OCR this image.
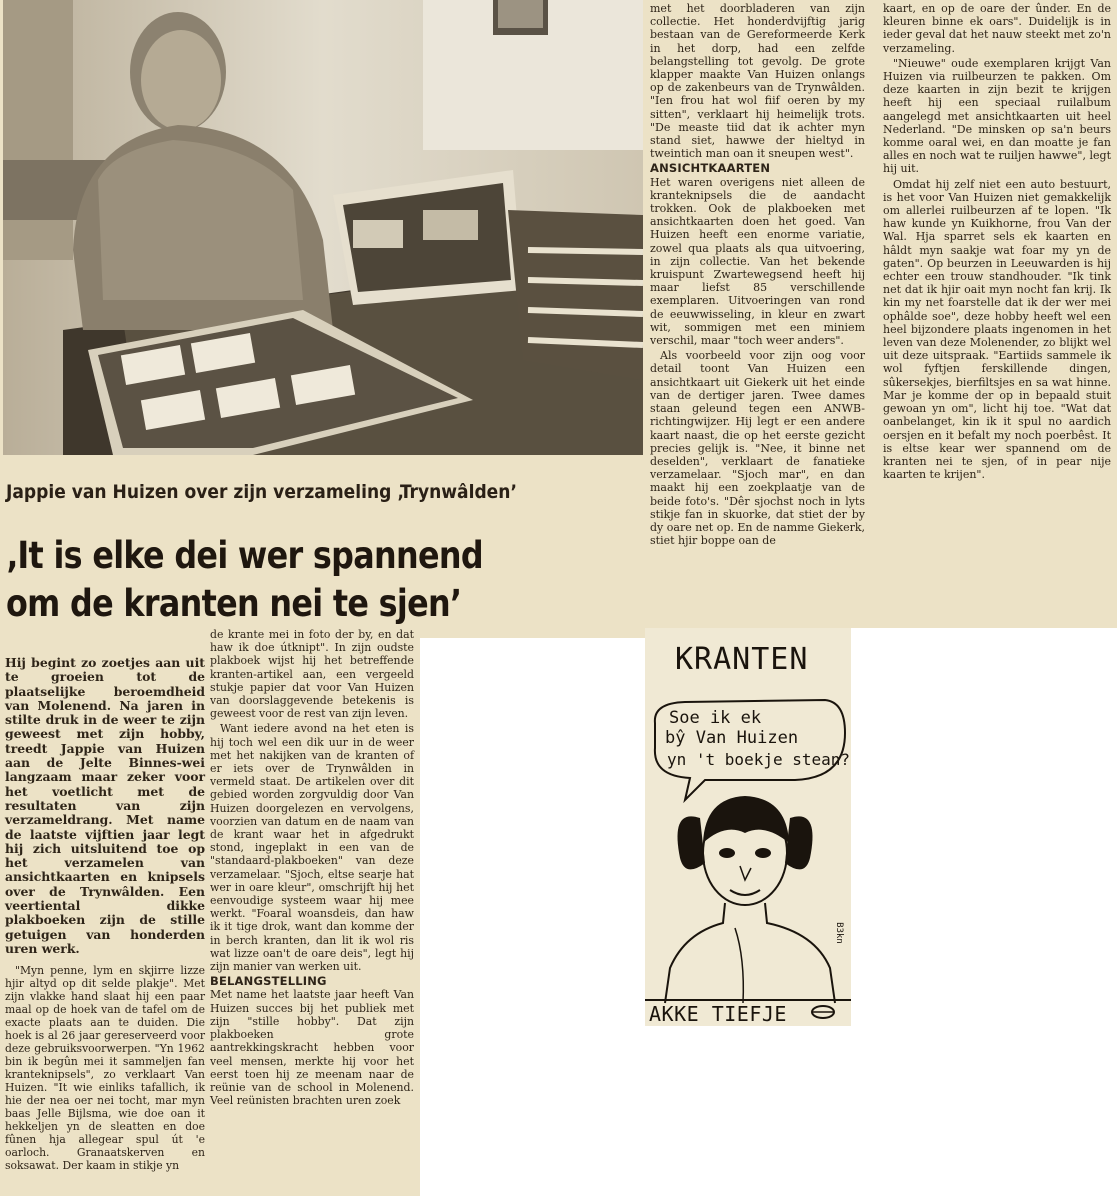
Jappie van Huizen over zijn verzameling ‚Trynwâlden’
‚It is elke dei wer spannend
om de kranten nei te sjen’

Hij begint zo zoetjes aan uit te groeien tot de plaatselijke beroemdheid van Molenend. Na jaren in stilte druk in de weer te zijn geweest met zijn hobby, treedt Jappie van Huizen aan de Jelte Binnes-wei langzaam maar zeker voor het voetlicht met de resultaten van zijn verzameldrang. Met name de laatste vijftien jaar legt hij zich uitsluitend toe op het verzamelen van ansichtkaarten en knipsels over de Trynwâlden. Een veertiental dikke plakboeken zijn de stille getuigen van honderden uren werk.

"Myn penne, lym en skjirre lizze hjir altyd op dit selde plakje". Met zijn vlakke hand slaat hij een paar maal op de hoek van de tafel om de exacte plaats aan te duiden. Die hoek is al 26 jaar gereserveerd voor deze gebruiksvoorwerpen. "Yn 1962 bin ik begûn mei it sammeljen fan kranteknipsels", zo verklaart Van Huizen. "It wie einliks tafallich, ik hie der nea oer nei tocht, mar myn baas Jelle Bijlsma, wie doe oan it hekkeljen yn de sleatten en doe fûnen hja allegear spul út 'e oarloch. Granaatskerven en soksawat. Der kaam in stikje yn

de krante mei in foto der by, en dat haw ik doe útknipt". In zijn oudste plakboek wijst hij het betreffende kranten-artikel aan, een vergeeld stukje papier dat voor Van Huizen van doorslaggevende betekenis is geweest voor de rest van zijn leven.

Want iedere avond na het eten is hij toch wel een dik uur in de weer met het nakijken van de kranten of er iets over de Trynwâlden in vermeld staat. De artikelen over dit gebied worden zorgvuldig door Van Huizen doorgelezen en vervolgens, voorzien van datum en de naam van de krant waar het in afgedrukt stond, ingeplakt in een van de "standaard-plakboeken" van deze verzamelaar. "Sjoch, eltse searje hat wer in oare kleur", omschrijft hij het eenvoudige systeem waar hij mee werkt. "Foaral woansdeis, dan haw ik it tige drok, want dan komme der in berch kranten, dan lit ik wol ris wat lizze oan't de oare deis", legt hij zijn manier van werken uit.

BELANGSTELLING

Met name het laatste jaar heeft Van Huizen succes bij het publiek met zijn "stille hobby". Dat zijn plakboeken grote aantrekkingskracht hebben voor veel mensen, merkte hij voor het eerst toen hij ze meenam naar de reünie van de school in Molenend. Veel reünisten brachten uren zoek

met het doorbladeren van zijn collectie. Het honderdvijftig jarig bestaan van de Gereformeerde Kerk in het dorp, had een zelfde belangstelling tot gevolg. De grote klapper maakte Van Huizen onlangs op de zakenbeurs van de Trynwâlden. "Ien frou hat wol fiif oeren by my sitten", verklaart hij heimelijk trots. "De measte tiid dat ik achter myn stand siet, hawwe der hieltyd in tweintich man oan it sneupen west".

ANSICHTKAARTEN

Het waren overigens niet alleen de kranteknipsels die de aandacht trokken. Ook de plakboeken met ansichtkaarten doen het goed. Van Huizen heeft een enorme variatie, zowel qua plaats als qua uitvoering, in zijn collectie. Van het bekende kruispunt Zwartewegsend heeft hij maar liefst 85 verschillende exemplaren. Uitvoeringen van rond de eeuwwisseling, in kleur en zwart wit, sommigen met een miniem verschil, maar "toch weer anders".

Als voorbeeld voor zijn oog voor detail toont Van Huizen een ansichtkaart uit Giekerk uit het einde van de dertiger jaren. Twee dames staan geleund tegen een ANWB-richtingwijzer. Hij legt er een andere kaart naast, die op het eerste gezicht precies gelijk is. "Nee, it binne net deselden", verklaart de fanatieke verzamelaar. "Sjoch mar", en dan maakt hij een zoekplaatje van de beide foto's. "Dêr sjochst noch in lyts stikje fan in skuorke, dat stiet der by dy oare net op. En de namme Giekerk, stiet hjir boppe oan de

kaart, en op de oare der ûnder. En de kleuren binne ek oars". Duidelijk is in ieder geval dat het nauw steekt met zo'n verzameling.

"Nieuwe" oude exemplaren krijgt Van Huizen via ruilbeurzen te pakken. Om deze kaarten in zijn bezit te krijgen heeft hij een speciaal ruilalbum aangelegd met ansichtkaarten uit heel Nederland. "De minsken op sa'n beurs komme oaral wei, en dan moatte je fan alles en noch wat te ruiljen hawwe", legt hij uit.

Omdat hij zelf niet een auto bestuurt, is het voor Van Huizen niet gemakkelijk om allerlei ruilbeurzen af te lopen. "Ik haw kunde yn Kuikhorne, frou Van der Wal. Hja sparret sels ek kaarten en hâldt myn saakje wat foar my yn de gaten". Op beurzen in Leeuwarden is hij echter een trouw standhouder. "Ik tink net dat ik hjir oait myn nocht fan krij. Ik kin my net foarstelle dat ik der wer mei ophâlde soe", deze hobby heeft wel een heel bijzondere plaats ingenomen in het leven van deze Molenender, zo blijkt wel uit deze uitspraak. "Eartiids sammele ik wol fyftjen ferskillende dingen, sûkersekjes, bierfiltsjes en sa wat hinne. Mar je komme der op in bepaald stuit gewoan yn om", licht hij toe. "Wat dat oanbelanget, kin ik it spul no aardich oersjen en it befalt my noch poerbêst. It is eltse kear wer spannend om de kranten nei te sjen, of in pear nije kaarten te krijen".

KRANTEN
Soe ik ek
bŷ Van Huizen
yn 't boekje stean?
B3kn
AKKE TIEFJE
